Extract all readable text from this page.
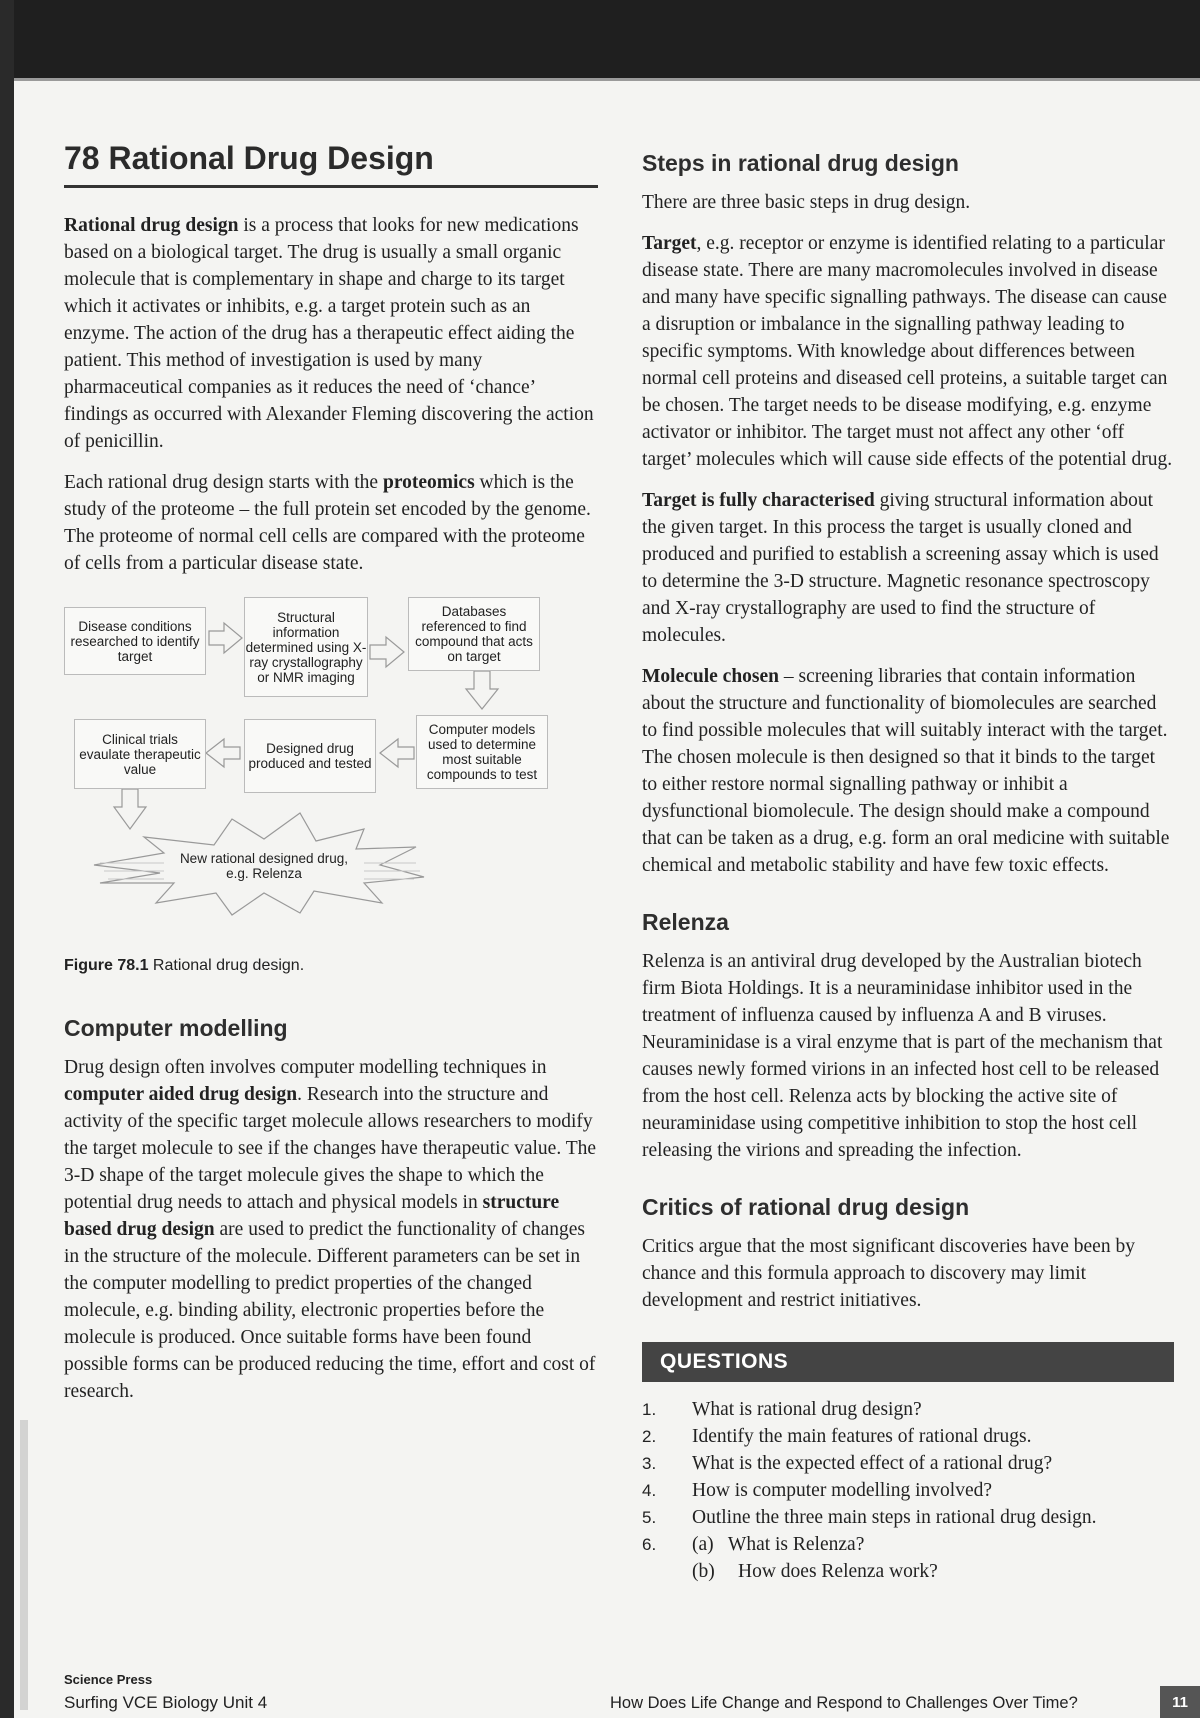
78 Rational Drug Design

Rational drug design is a process that looks for new medications based on a biological target. The drug is usually a small organic molecule that is complementary in shape and charge to its target which it activates or inhibits, e.g. a target protein such as an enzyme. The action of the drug has a therapeutic effect aiding the patient. This method of investigation is used by many pharmaceutical companies as it reduces the need of ‘chance’ findings as occurred with Alexander Fleming discovering the action of penicillin.

Each rational drug design starts with the proteomics which is the study of the proteome – the full protein set encoded by the genome. The proteome of normal cell cells are compared with the proteome of cells from a particular disease state.

Disease conditions researched to identify target
Structural information determined using X-ray crystallography or NMR imaging
Databases referenced to find compound that acts on target
Computer models used to determine most suitable compounds to test
Designed drug produced and tested
Clinical trials evaulate therapeutic value
New rational designed drug,
e.g. Relenza
Figure 78.1 Rational drug design.
Computer modelling

Drug design often involves computer modelling techniques in computer aided drug design. Research into the structure and activity of the specific target molecule allows researchers to modify the target molecule to see if the changes have therapeutic value. The 3-D shape of the target molecule gives the shape to which the potential drug needs to attach and physical models in structure based drug design are used to predict the functionality of changes in the structure of the molecule. Different parameters can be set in the computer modelling to predict properties of the changed molecule, e.g. binding ability, electronic properties before the molecule is produced. Once suitable forms have been found possible forms can be produced reducing the time, effort and cost of research.

Steps in rational drug design

There are three basic steps in drug design.

Target, e.g. receptor or enzyme is identified relating to a particular disease state. There are many macromolecules involved in disease and many have specific signalling pathways. The disease can cause a disruption or imbalance in the signalling pathway leading to specific symptoms. With knowledge about differences between normal cell proteins and diseased cell proteins, a suitable target can be chosen. The target needs to be disease modifying, e.g. enzyme activator or inhibitor. The target must not affect any other ‘off target’ molecules which will cause side effects of the potential drug.

Target is fully characterised giving structural information about the given target. In this process the target is usually cloned and produced and purified to establish a screening assay which is used to determine the 3-D structure. Magnetic resonance spectroscopy and X-ray crystallography are used to find the structure of molecules.

Molecule chosen – screening libraries that contain information about the structure and functionality of biomolecules are searched to find possible molecules that will suitably interact with the target. The chosen molecule is then designed so that it binds to the target to either restore normal signalling pathway or inhibit a dysfunctional biomolecule. The design should make a compound that can be taken as a drug, e.g. form an oral medicine with suitable chemical and metabolic stability and have few toxic effects.

Relenza

Relenza is an antiviral drug developed by the Australian biotech firm Biota Holdings. It is a neuraminidase inhibitor used in the treatment of influenza caused by influenza A and B viruses. Neuraminidase is a viral enzyme that is part of the mechanism that causes newly formed virions in an infected host cell to be released from the host cell. Relenza acts by blocking the active site of neuraminidase using competitive inhibition to stop the host cell releasing the virions and spreading the infection.

Critics of rational drug design

Critics argue that the most significant discoveries have been by chance and this formula approach to discovery may limit development and restrict initiatives.

QUESTIONS
1.	What is rational drug design?
2.	Identify the main features of rational drugs.
3.	What is the expected effect of a rational drug?
4.	How is computer modelling involved?
5.	Outline the three main steps in rational drug design.
6.	(a)   What is Relenza?
(b)	How does Relenza work?
Science Press
Surfing VCE Biology Unit 4	How Does Life Change and Respond to Challenges Over Time?	11
